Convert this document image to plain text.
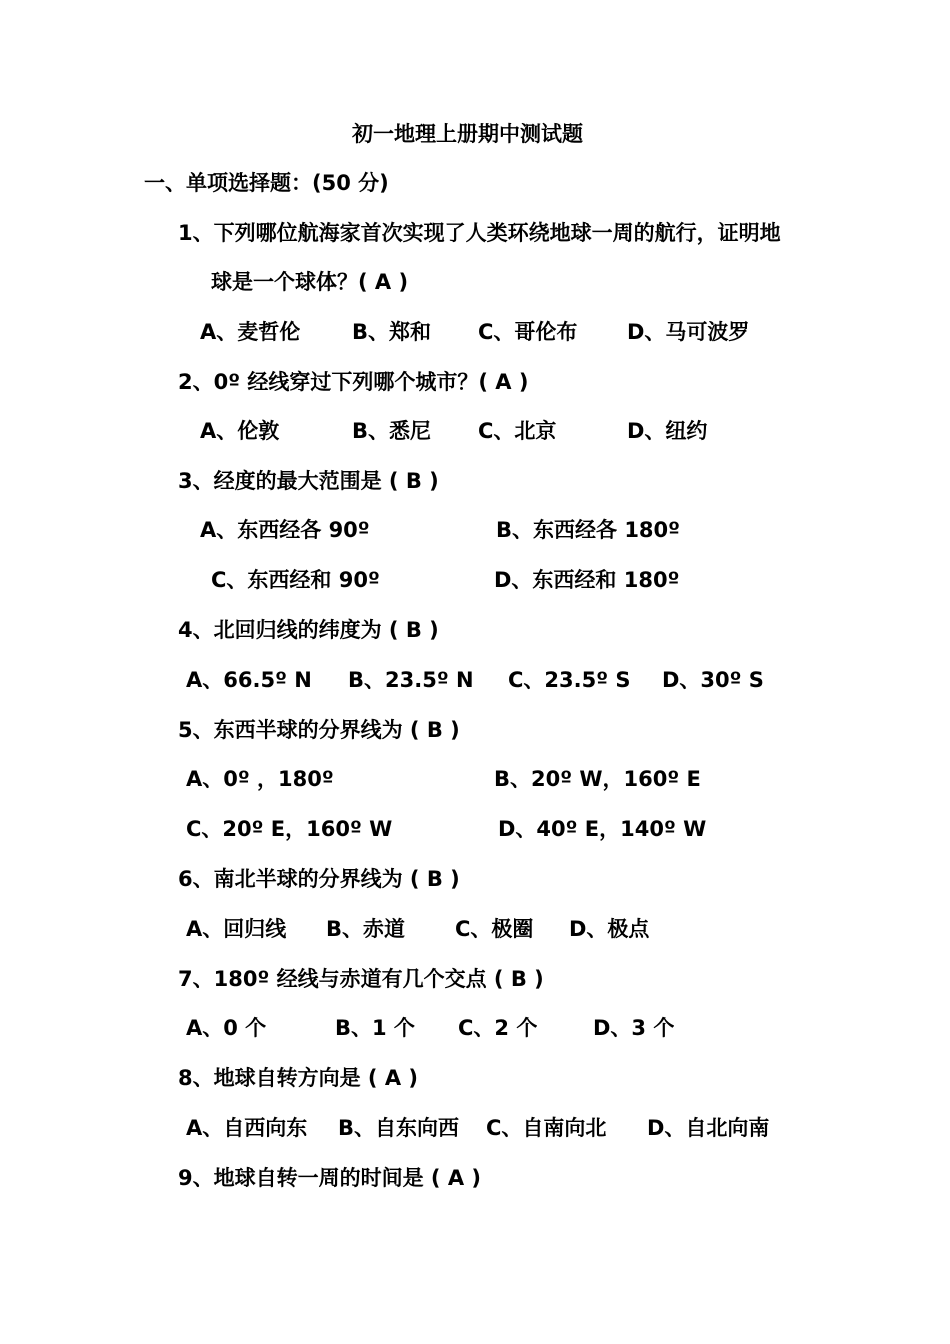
初一地理上册期中测试题
一、单项选择题：(50 分)
1、下列哪位航海家首次实现了人类环绕地球一周的航行，证明地
球是一个球体？( A )
A、麦哲伦 B、郑和 C、哥伦布 D、马可波罗
2、0º 经线穿过下列哪个城市？( A )
A、伦敦	B、悉尼 C、北京	D、纽约
3、经度的最大范围是 ( B )
A、东西经各 90º	B、东西经各 180º
C、东西经和 90º	D、东西经和 180º
4、北回归线的纬度为 ( B )
A、66.5º N B、23.5º N C、23.5º S D、30º S
5、东西半球的分界线为 ( B )
A、0º ，180º	B、20º W，160º E
C、20º E，160º W	D、40º E，140º W
6、南北半球的分界线为 ( B )
A、回归线 B、赤道 C、极圈 D、极点
7、180º 经线与赤道有几个交点 ( B )
A、0 个	B、1 个 C、2 个	D、3 个
8、地球自转方向是 ( A )
A、自西向东 B、自东向西 C、自南向北 D、自北向南
9、地球自转一周的时间是 ( A )
